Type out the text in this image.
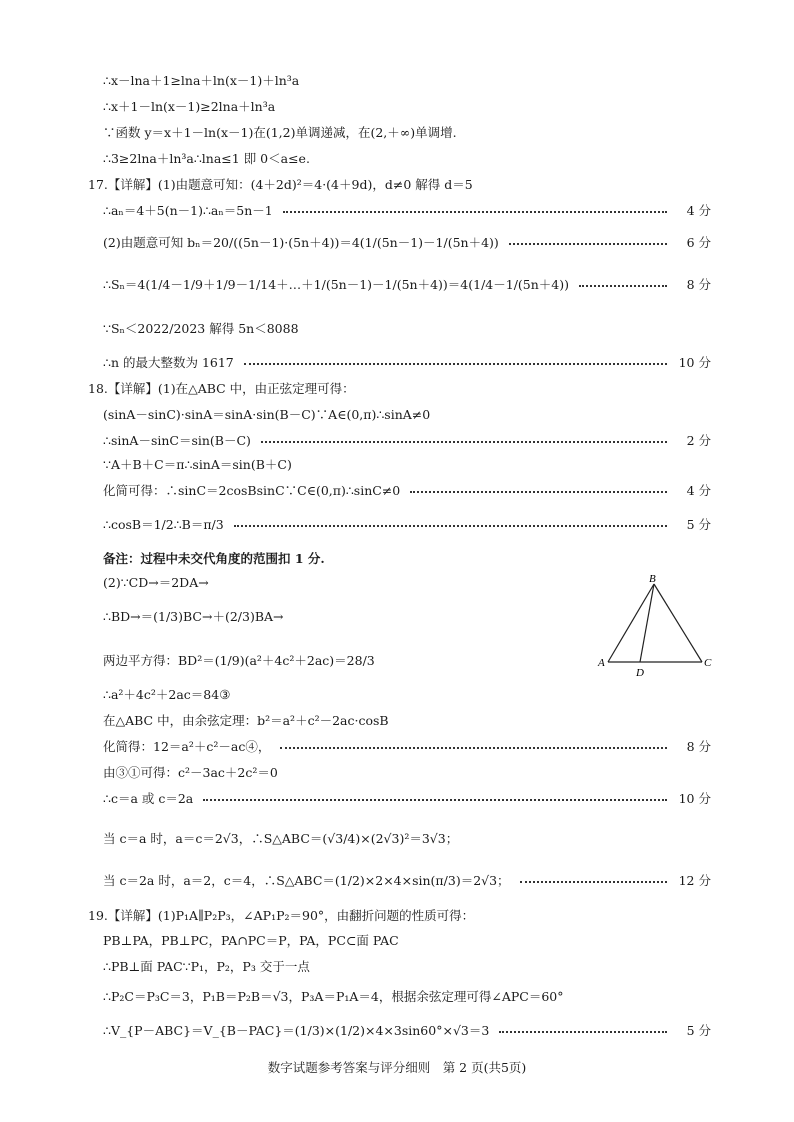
∴x－lna＋1≥lna＋ln(x－1)＋ln³a
∴x＋1－ln(x－1)≥2lna＋ln³a
∵函数 y＝x＋1－ln(x－1)在(1,2)单调递减，在(2,＋∞)单调增.
∴3≥2lna＋ln³a∴lna≤1 即 0＜a≤e.
17.【详解】(1)由题意可知：(4＋2d)²＝4·(4＋9d)，d≠0 解得 d＝5
∴aₙ＝4＋5(n－1)∴aₙ＝5n－1	4 分
(2)由题意可知 bₙ＝20/((5n－1)·(5n＋4))＝4(1/(5n－1)－1/(5n＋4))	6 分
∴Sₙ＝4(1/4－1/9＋1/9－1/14＋…＋1/(5n－1)－1/(5n＋4))＝4(1/4－1/(5n＋4))	8 分
∵Sₙ＜2022/2023 解得 5n＜8088
∴n 的最大整数为 1617	10 分
18.【详解】(1)在△ABC 中，由正弦定理可得：
(sinA－sinC)·sinA＝sinA·sin(B－C)∵A∈(0,π)∴sinA≠0
∴sinA－sinC＝sin(B－C)	2 分
∵A＋B＋C＝π∴sinA＝sin(B＋C)
化简可得：∴sinC＝2cosBsinC∵C∈(0,π)∴sinC≠0	4 分
∴cosB＝1/2∴B＝π/3	5 分
备注：过程中未交代角度的范围扣 1 分.
(2)∵CD→＝2DA→
∴BD→＝(1/3)BC→＋(2/3)BA→
两边平方得：BD²＝(1/9)(a²＋4c²＋2ac)＝28/3
∴a²＋4c²＋2ac＝84③
在△ABC 中，由余弦定理：b²＝a²＋c²－2ac·cosB
化简得：12＝a²＋c²－ac④，	8 分
由③①可得：c²－3ac＋2c²＝0
∴c＝a 或 c＝2a	10 分
当 c＝a 时，a＝c＝2√3，∴S△ABC＝(√3/4)×(2√3)²＝3√3；
当 c＝2a 时，a＝2，c＝4，∴S△ABC＝(1/2)×2×4×sin(π/3)＝2√3；	12 分
19.【详解】(1)P₁A∥P₂P₃，∠AP₁P₂＝90°，由翻折问题的性质可得：
PB⊥PA，PB⊥PC，PA∩PC＝P，PA，PC⊂面 PAC
∴PB⊥面 PAC∵P₁，P₂，P₃ 交于一点
∴P₂C＝P₃C＝3，P₁B＝P₂B＝√3，P₃A＝P₁A＝4，根据余弦定理可得∠APC＝60°
∴V_{P－ABC}＝V_{B－PAC}＝(1/3)×(1/2)×4×3sin60°×√3＝3	5 分
B
A
D
C
数字试题参考答案与评分细则　第 2 页(共5页)
